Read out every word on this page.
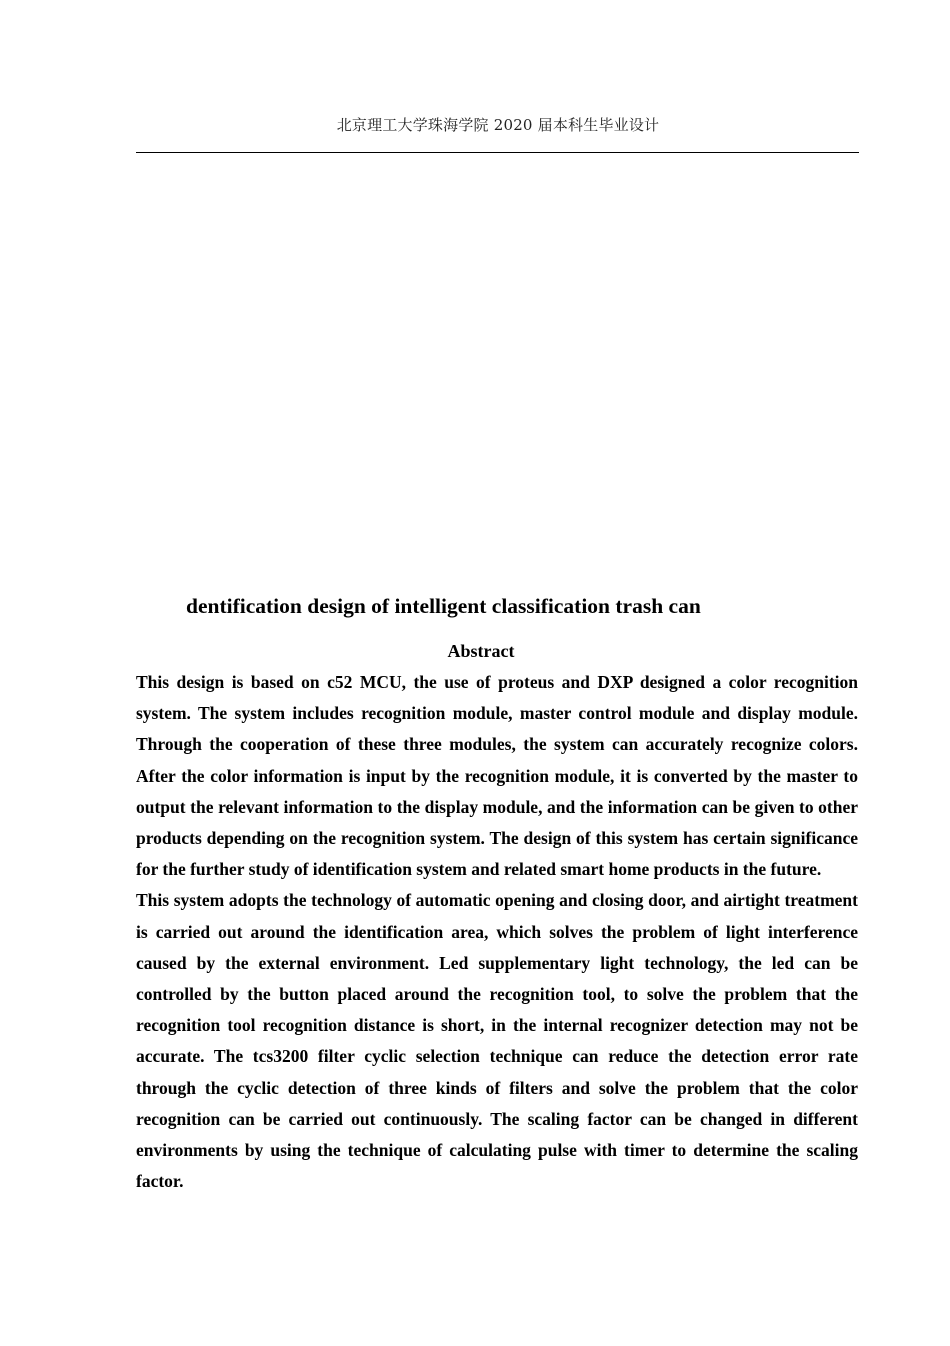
北京理工大学珠海学院 2020 届本科生毕业设计
dentification design of intelligent classification trash can
Abstract

This design is based on c52 MCU, the use of proteus and DXP designed a color recognition system. The system includes recognition module, master control module and display module. Through the cooperation of these three modules, the system can accurately recognize colors. After the color information is input by the recognition module, it is converted by the master to output the relevant information to the display module, and the information can be given to other products depending on the recognition system. The design of this system has certain significance for the further study of identification system and related smart home products in the future.

This system adopts the technology of automatic opening and closing door, and airtight treatment is carried out around the identification area, which solves the problem of light interference caused by the external environment. Led supplementary light technology, the led can be controlled by the button placed around the recognition tool, to solve the problem that the recognition tool recognition distance is short, in the internal recognizer detection may not be accurate. The tcs3200 filter cyclic selection technique can reduce the detection error rate through the cyclic detection of three kinds of filters and solve the problem that the color recognition can be carried out continuously. The scaling factor can be changed in different environments by using the technique of calculating pulse with timer to determine the scaling factor.
